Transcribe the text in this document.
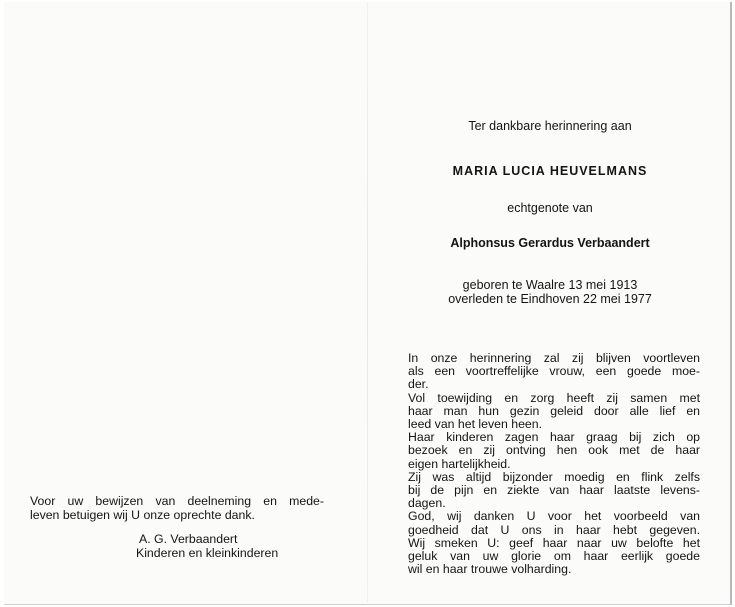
Ter dankbare herinnering aan
MARIA LUCIA HEUVELMANS
echtgenote van
Alphonsus Gerardus Verbaandert
geboren te Waalre 13 mei 1913
overleden te Eindhoven 22 mei 1977
In onze herinnering zal zij blijven voortleven
als een voortreffelijke vrouw, een goede moe-
der.
Vol toewijding en zorg heeft zij samen met
haar man hun gezin geleid door alle lief en
leed van het leven heen.
Haar kinderen zagen haar graag bij zich op
bezoek en zij ontving hen ook met de haar
eigen hartelijkheid.
Zij was altijd bijzonder moedig en flink zelfs
bij de pijn en ziekte van haar laatste levens-
dagen.
God, wij danken U voor het voorbeeld van
goedheid dat U ons in haar hebt gegeven.
Wij smeken U: geef haar naar uw belofte het
geluk van uw glorie om haar eerlijk goede
wil en haar trouwe volharding.
Voor uw bewijzen van deelneming en mede-
leven betuigen wij U onze oprechte dank.
A. G. Verbaandert
Kinderen en kleinkinderen
